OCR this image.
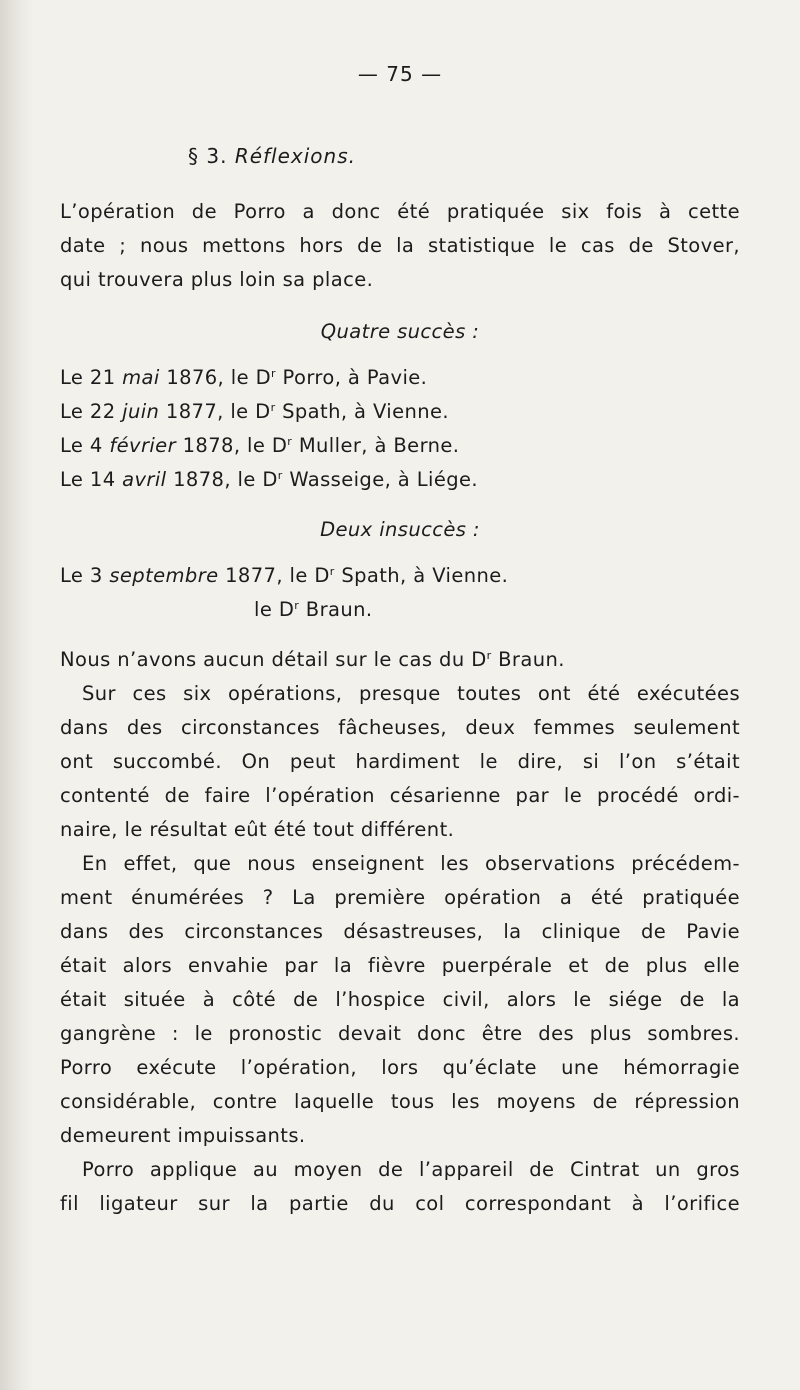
— 75 —
§ 3. Réflexions.
L’opération de Porro a donc été pratiquée six fois à cette
date ; nous mettons hors de la statistique le cas de Stover,
qui trouvera plus loin sa place.
Quatre succès :
Le 21 mai 1876, le $D^r$ Porro, à Pavie.
Le 22 juin 1877, le $D^r$ Spath, à Vienne.
Le 4 février 1878, le $D^r$ Muller, à Berne.
Le 14 avril 1878, le $D^r$ Wasseige, à Liége.
Deux insuccès :
Le 3 septembre 1877, le $D^r$ Spath, à Vienne.
le $D^r$ Braun.
Nous n’avons aucun détail sur le cas du $D^r$ Braun.
Sur ces six opérations, presque toutes ont été exécutées
dans des circonstances fâcheuses, deux femmes seulement
ont succombé. On peut hardiment le dire, si l’on s’était
contenté de faire l’opération césarienne par le procédé ordi-
naire, le résultat eût été tout différent.
En effet, que nous enseignent les observations précédem-
ment énumérées ? La première opération a été pratiquée
dans des circonstances désastreuses, la clinique de Pavie
était alors envahie par la fièvre puerpérale et de plus elle
était située à côté de l’hospice civil, alors le siége de la
gangrène : le pronostic devait donc être des plus sombres.
Porro exécute l’opération, lors qu’éclate une hémorragie
considérable, contre laquelle tous les moyens de répression
demeurent impuissants.
Porro applique au moyen de l’appareil de Cintrat un gros
fil ligateur sur la partie du col correspondant à l’orifice
